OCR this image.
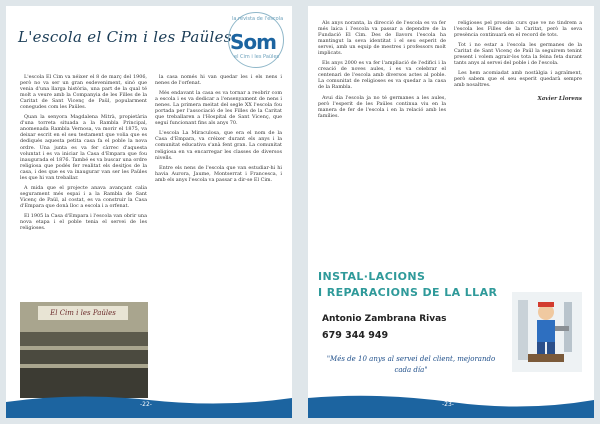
L'escola el Cim i les Paüles
la revista de l'escola
Som
el Cim i les Paüles

L'escola El Cim va néixer el 8 de març del 1906, però no va ser un gran esdeveniment, sinó que venia d'una llarga història, una part de la qual té molt a veure amb la Companyia de les Filles de la Caritat de Sant Vicenç de Paül, popularment conegudes com les Paüles.

Quan la senyora Magdalena Mitrà, propietària d'una torreta situada a la Rambla Principal, anomenada Rambla Vernosa, va morir el 1875, va deixar escrit en el seu testament que volia que es dediqués aquesta petita casa fa el poble la nova ordre. Una junta es va fer càrrec d'aquesta voluntat i es va iniciar la Casa d'Empara que fou inaugurada el 1876. També es va buscar una ordre religiosa que podés fer realitat els desitjos de la casa, i des que es va inaugurar van ser les Paüles les que hi van treballar.

A mida que el projecte anava avançant calia segurament més espai i a la Rambla de Sant Vicenç de Paül, al costat, es va construir la Casa d'Empara que donà lloc a escola i a orfenat.

El 1905 la Casa d'Empara i l'escola van obrir una nova etapa i el poble tenia el servei de les religioses.

la casa només hi van quedar les i els nens i nenes de l'orfenat.

Més endavant la casa es va tornar a reobrir com a escola i es va dedicar a l'ensenyament de nens i nenes. La primera meitat del segle XX l'escola fou portada per l'associació de les Filles de la Caritat que treballaren a l'Hospital de Sant Vicenç, que seguí funcionant fins als anys 70.

L'escola La Miraculosa, que era el nom de la Casa d'Empara, va créixer durant els anys i la comunitat educativa s'anà fent gran. La comunitat religiosa en va encarregar les classes de diversos nivells.

Entre els nens de l'escola que van estudiar-hi hi havia Aurora, Jaume, Montserrat i Francesca, i amb els anys l'escola va passar a dir-se El Cim.

El Cim i les Paüles
-22-

Als anys noranta, la direcció de l'escola es va fer més laica i l'escola va passar a dependre de la Fundació El Cim. Des de llavors l'escola ha mantingut la seva identitat i el seu esperit de servei, amb un equip de mestres i professors molt implicats.

Els anys 2000 es va fer l'ampliació de l'edifici i la creació de noves aules, i es va celebrar el centenari de l'escola amb diversos actes al poble. La comunitat de religioses es va quedar a la casa de la Rambla.

Avui dia l'escola ja no té germanes a les aules, però l'esperit de les Paüles continua viu en la manera de fer de l'escola i en la relació amb les famílies.

religioses pel prossim curs que ve no tindrem a l'escola les Filles de la Caritat, però la seva presència continuarà en el record de tots.

Tot i no estar a l'escola les germanes de la Caritat de Sant Vicenç de Paül la seguirem tenint present i volem agrair-los tota la feina feta durant tants anys al servei del poble i de l'escola.

Les hem acomiadat amb nostàlgia i agraïment, però sabem que el seu esperit quedarà sempre amb nosaltres.

Xavier Llorens
INSTAL·LACIONS
I REPARACIONS DE LA LLAR
Antonio Zambrana Rivas
679 344 949
"Més de 10 anys al servei del client, mejorando cada día"
-23-
